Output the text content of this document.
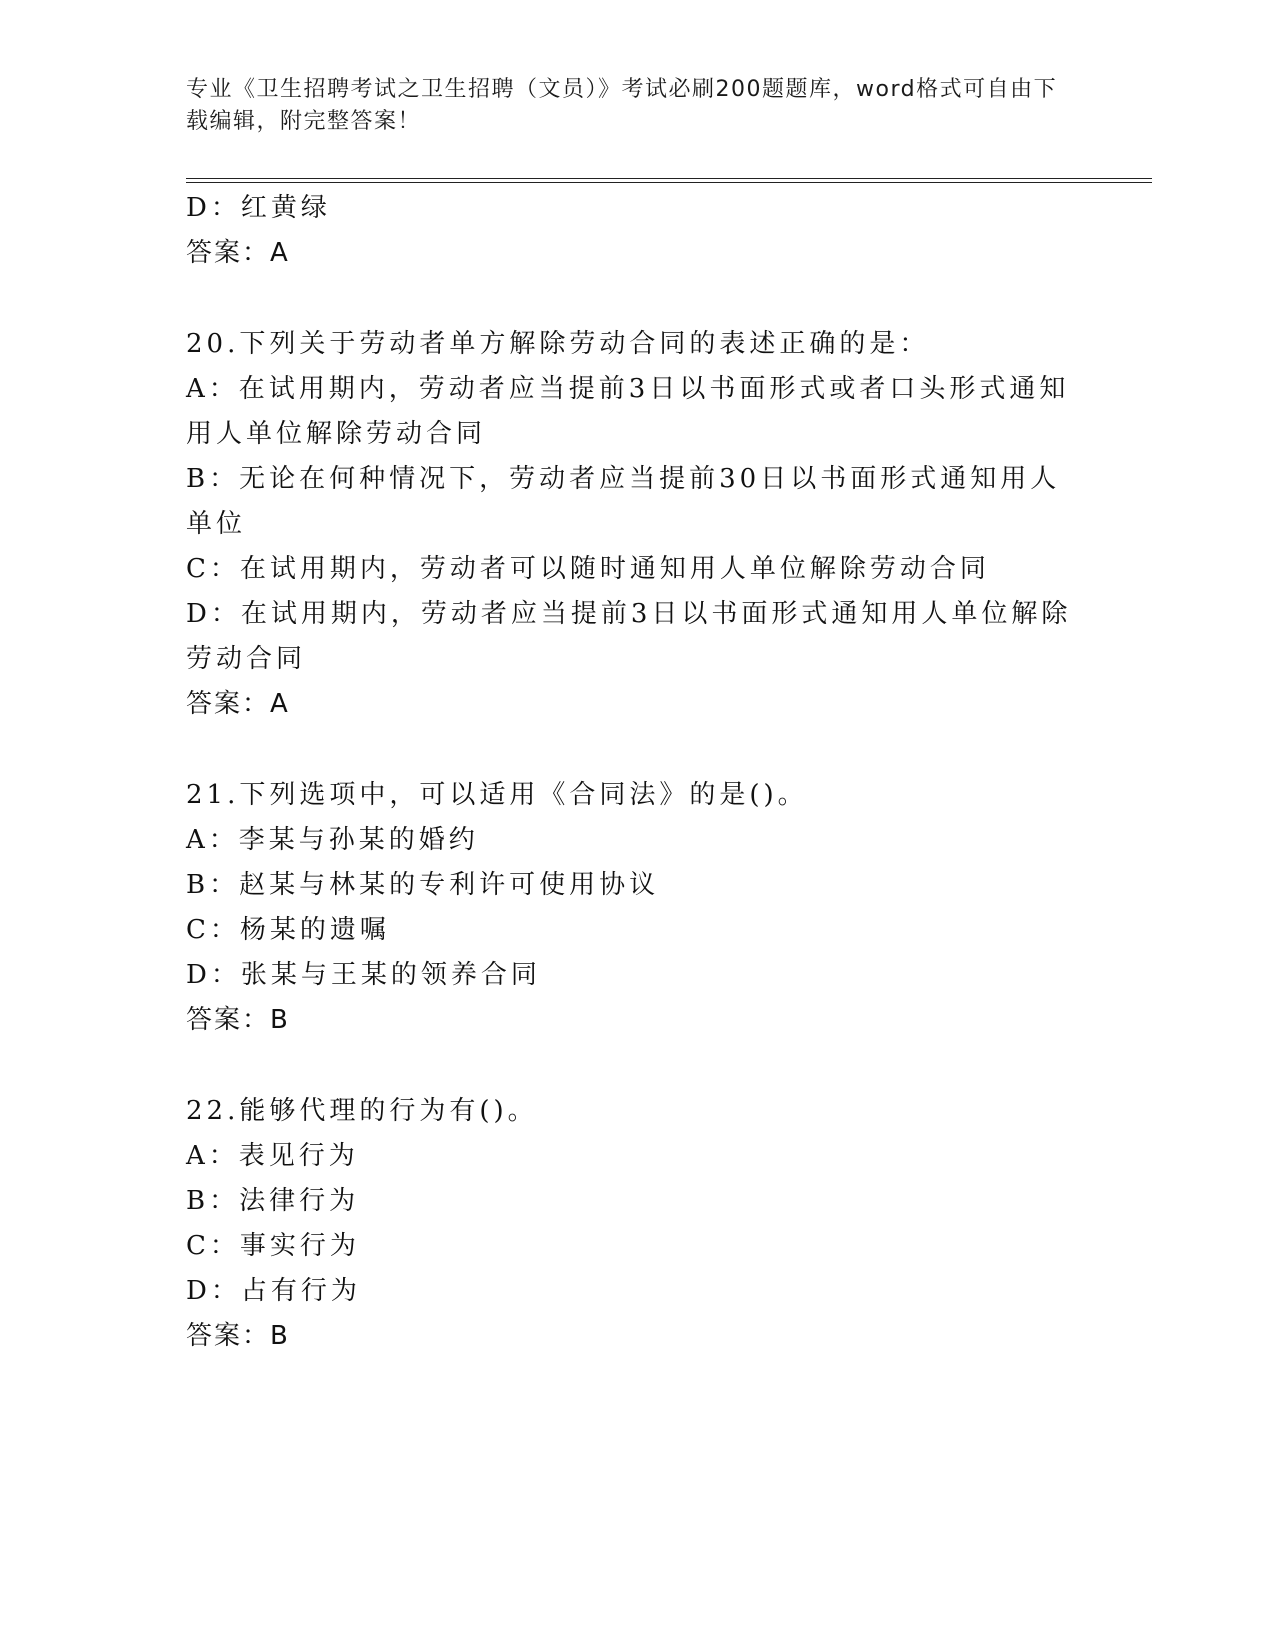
专业《卫生招聘考试之卫生招聘（文员）》考试必刷200题题库，word格式可自由下载编辑，附完整答案！
D：红黄绿
答案：A
20.下列关于劳动者单方解除劳动合同的表述正确的是：
A：在试用期内，劳动者应当提前3日以书面形式或者口头形式通知用人单位解除劳动合同
B：无论在何种情况下，劳动者应当提前30日以书面形式通知用人单位
C：在试用期内，劳动者可以随时通知用人单位解除劳动合同
D：在试用期内，劳动者应当提前3日以书面形式通知用人单位解除劳动合同
答案：A
21.下列选项中，可以适用《合同法》的是()。
A：李某与孙某的婚约
B：赵某与林某的专利许可使用协议
C：杨某的遗嘱
D：张某与王某的领养合同
答案：B
22.能够代理的行为有()。
A：表见行为
B：法律行为
C：事实行为
D：占有行为
答案：B
